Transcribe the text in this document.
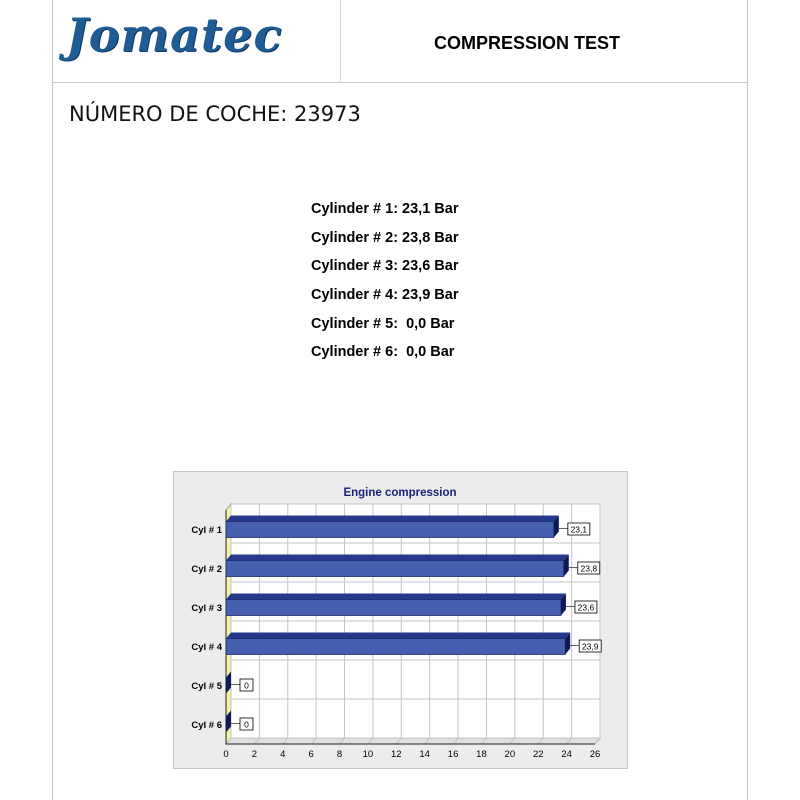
Jomatec	COMPRESSION TEST
NÚMERO DE COCHE: 23973
Cylinder # 1: 23,1 Bar
Cylinder # 2: 23,8 Bar
Cylinder # 3: 23,6 Bar
Cylinder # 4: 23,9 Bar
Cylinder # 5:  0,0 Bar
Cylinder # 6:  0,0 Bar
Engine compression
0 2 4 6 8 10 12 14 16 18 20 22 24 26
Cyl # 1	23,1
Cyl # 2	23,8
Cyl # 3	23,6
Cyl # 4	23,9
Cyl # 5	0
Cyl # 6	0
